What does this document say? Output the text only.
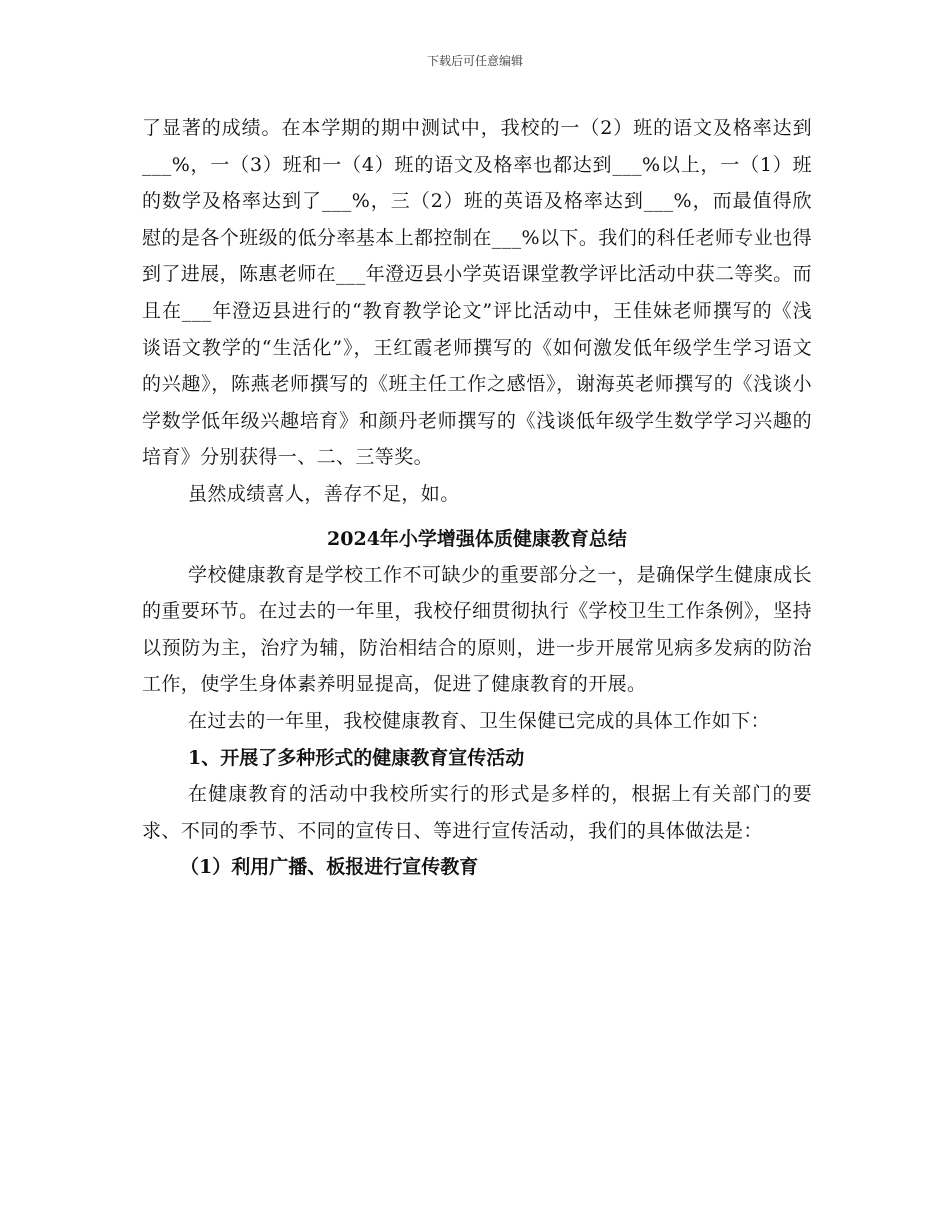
下载后可任意编辑

了显著的成绩。在本学期的期中测试中，我校的一（2）班的语文及格率达到___%，一（3）班和一（4）班的语文及格率也都达到___%以上，一（1）班的数学及格率达到了___%，三（2）班的英语及格率达到___%，而最值得欣慰的是各个班级的低分率基本上都控制在___%以下。我们的科任老师专业也得到了进展，陈惠老师在___年澄迈县小学英语课堂教学评比活动中获二等奖。而且在___年澄迈县进行的“教育教学论文”评比活动中，王佳妹老师撰写的《浅谈语文教学的“生活化”》，王红霞老师撰写的《如何激发低年级学生学习语文的兴趣》，陈燕老师撰写的《班主任工作之感悟》，谢海英老师撰写的《浅谈小学数学低年级兴趣培育》和颜丹老师撰写的《浅谈低年级学生数学学习兴趣的培育》分别获得一、二、三等奖。

虽然成绩喜人，善存不足，如。

2024年小学增强体质健康教育总结

学校健康教育是学校工作不可缺少的重要部分之一，是确保学生健康成长的重要环节。在过去的一年里，我校仔细贯彻执行《学校卫生工作条例》，坚持以预防为主，治疗为辅，防治相结合的原则，进一步开展常见病多发病的防治工作，使学生身体素养明显提高，促进了健康教育的开展。

在过去的一年里，我校健康教育、卫生保健已完成的具体工作如下：

1、开展了多种形式的健康教育宣传活动

在健康教育的活动中我校所实行的形式是多样的，根据上有关部门的要求、不同的季节、不同的宣传日、等进行宣传活动，我们的具体做法是：

（1）利用广播、板报进行宣传教育
